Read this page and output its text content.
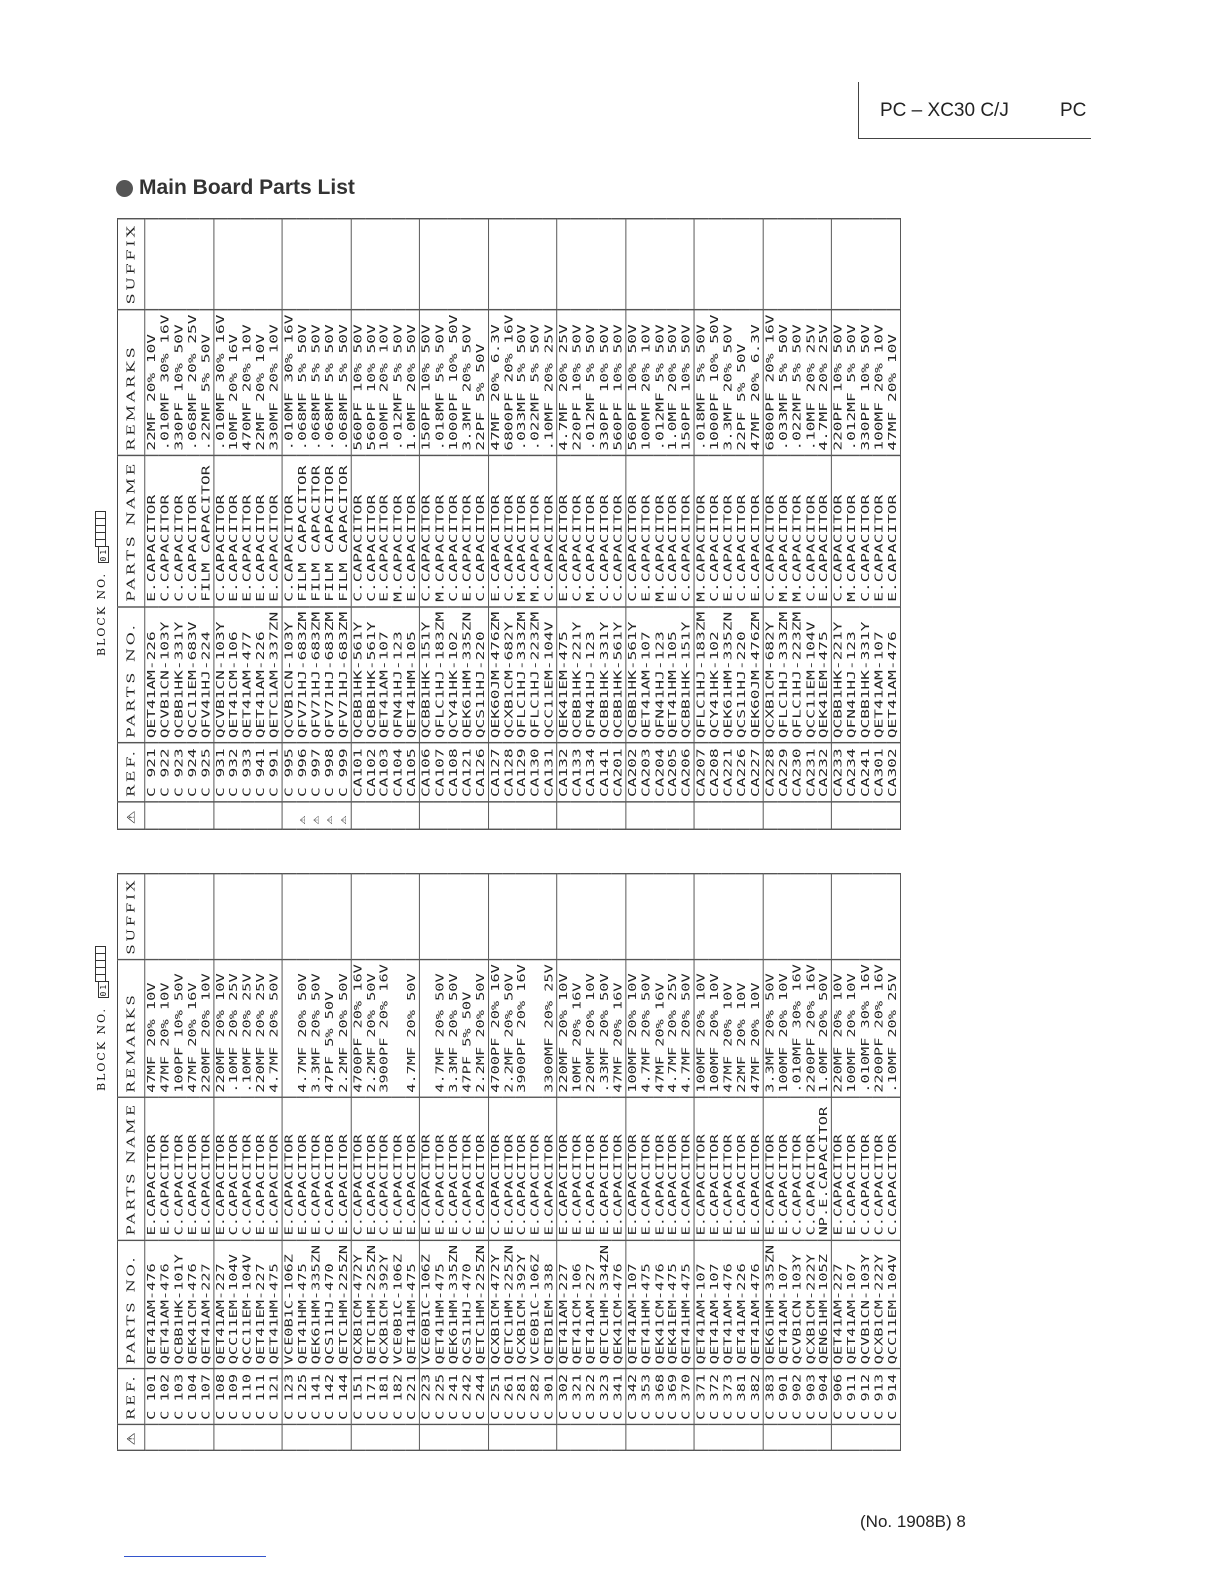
PC – XC30 C/J	PC
Main Board Parts List
BLOCK NO. 01
⚠	REF.	PARTS NO.	PARTS NAME	REMARKS	SUFFIX
	C 921	QET41AM-226	E.CAPACITOR	22MF 20% 10V	
	C 922	QCVB1CN-103Y	C.CAPACITOR	.010MF 30% 16V	
	C 923	QCBB1HK-331Y	C.CAPACITOR	330PF 10% 50V	
	C 924	QCC11EM-683V	C.CAPACITOR	.068MF 20% 25V	
	C 925	QFV41HJ-224	FILM CAPACITOR	.22MF 5% 50V	
	C 931	QCVB1CN-103Y	C.CAPACITOR	.010MF 30% 16V	
	C 932	QET41CM-106	E.CAPACITOR	10MF 20% 16V	
	C 933	QET41AM-477	E.CAPACITOR	470MF 20% 10V	
	C 941	QET41AM-226	E.CAPACITOR	22MF 20% 10V	
	C 991	QETC1AM-337ZN	E.CAPACITOR	330MF 20% 10V	
	C 995	QCVB1CN-103Y	C.CAPACITOR	.010MF 30% 16V	
⚠	C 996	QFV71HJ-683ZM	FILM CAPACITOR	.068MF 5% 50V	
⚠	C 997	QFV71HJ-683ZM	FILM CAPACITOR	.068MF 5% 50V	
⚠	C 998	QFV71HJ-683ZM	FILM CAPACITOR	.068MF 5% 50V	
⚠	C 999	QFV71HJ-683ZM	FILM CAPACITOR	.068MF 5% 50V	
	CA101	QCBB1HK-561Y	C.CAPACITOR	560PF 10% 50V	
	CA102	QCBB1HK-561Y	C.CAPACITOR	560PF 10% 50V	
	CA103	QET41AM-107	E.CAPACITOR	100MF 20% 10V	
	CA104	QFN41HJ-123	M.CAPACITOR	.012MF 5% 50V	
	CA105	QET41HM-105	E.CAPACITOR	1.0MF 20% 50V	
	CA106	QCBB1HK-151Y	C.CAPACITOR	150PF 10% 50V	
	CA107	QFLC1HJ-183ZM	M.CAPACITOR	.018MF 5% 50V	
	CA108	QCY41HK-102	C.CAPACITOR	1000PF 10% 50V	
	CA121	QEK61HM-335ZN	E.CAPACITOR	3.3MF 20% 50V	
	CA126	QCS11HJ-220	C.CAPACITOR	22PF 5% 50V	
	CA127	QEK60JM-476ZM	E.CAPACITOR	47MF 20% 6.3V	
	CA128	QCXB1CM-682Y	C.CAPACITOR	6800PF 20% 16V	
	CA129	QFLC1HJ-333ZM	M.CAPACITOR	.033MF 5% 50V	
	CA130	QFLC1HJ-223ZM	M.CAPACITOR	.022MF 5% 50V	
	CA131	QCC11EM-104V	C.CAPACITOR	.10MF 20% 25V	
	CA132	QEK41EM-475	E.CAPACITOR	4.7MF 20% 25V	
	CA133	QCBB1HK-221Y	C.CAPACITOR	220PF 10% 50V	
	CA134	QFN41HJ-123	M.CAPACITOR	.012MF 5% 50V	
	CA141	QCBB1HK-331Y	C.CAPACITOR	330PF 10% 50V	
	CA201	QCBB1HK-561Y	C.CAPACITOR	560PF 10% 50V	
	CA202	QCBB1HK-561Y	C.CAPACITOR	560PF 10% 50V	
	CA203	QET41AM-107	E.CAPACITOR	100MF 20% 10V	
	CA204	QFN41HJ-123	M.CAPACITOR	.012MF 5% 50V	
	CA205	QET41HM-105	E.CAPACITOR	1.0MF 20% 50V	
	CA206	QCBB1HK-151Y	C.CAPACITOR	150PF 10% 50V	
	CA207	QFLC1HJ-183ZM	M.CAPACITOR	.018MF 5% 50V	
	CA208	QCY41HK-102	C.CAPACITOR	1000PF 10% 50V	
	CA221	QEK61HM-335ZN	E.CAPACITOR	3.3MF 20% 50V	
	CA226	QCS11HJ-220	C.CAPACITOR	22PF 5% 50V	
	CA227	QEK60JM-476ZM	E.CAPACITOR	47MF 20% 6.3V	
	CA228	QCXB1CM-682Y	C.CAPACITOR	6800PF 20% 16V	
	CA229	QFLC1HJ-333ZM	M.CAPACITOR	.033MF 5% 50V	
	CA230	QFLC1HJ-223ZM	M.CAPACITOR	.022MF 5% 50V	
	CA231	QCC11EM-104V	C.CAPACITOR	.10MF 20% 25V	
	CA232	QEK41EM-475	E.CAPACITOR	4.7MF 20% 25V	
	CA233	QCBB1HK-221Y	C.CAPACITOR	220PF 10% 50V	
	CA234	QFN41HJ-123	M.CAPACITOR	.012MF 5% 50V	
	CA241	QCBB1HK-331Y	C.CAPACITOR	330PF 10% 50V	
	CA301	QET41AM-107	E.CAPACITOR	100MF 20% 10V	
	CA302	QET41AM-476	E.CAPACITOR	47MF 20% 10V	
BLOCK NO. 01
⚠	REF.	PARTS NO.	PARTS NAME	REMARKS	SUFFIX
	C 101	QET41AM-476	E.CAPACITOR	47MF 20% 10V	
	C 102	QET41AM-476	E.CAPACITOR	47MF 20% 10V	
	C 103	QCBB1HK-101Y	C.CAPACITOR	100PF 10% 50V	
	C 104	QEK41CM-476	E.CAPACITOR	47MF 20% 16V	
	C 107	QET41AM-227	E.CAPACITOR	220MF 20% 10V	
	C 108	QET41AM-227	E.CAPACITOR	220MF 20% 10V	
	C 109	QCC11EM-104V	C.CAPACITOR	.10MF 20% 25V	
	C 110	QCC11EM-104V	C.CAPACITOR	.10MF 20% 25V	
	C 111	QET41EM-227	E.CAPACITOR	220MF 20% 25V	
	C 121	QET41HM-475	E.CAPACITOR	4.7MF 20% 50V	
	C 123	VCE0B1C-106Z	E.CAPACITOR		
	C 125	QET41HM-475	E.CAPACITOR	4.7MF 20% 50V	
	C 141	QEK61HM-335ZN	E.CAPACITOR	3.3MF 20% 50V	
	C 142	QCS11HJ-470	C.CAPACITOR	47PF 5% 50V	
	C 144	QETC1HM-225ZN	E.CAPACITOR	2.2MF 20% 50V	
	C 151	QCXB1CM-472Y	C.CAPACITOR	4700PF 20% 16V	
	C 171	QETC1HM-225ZN	E.CAPACITOR	2.2MF 20% 50V	
	C 181	QCXB1CM-392Y	C.CAPACITOR	3900PF 20% 16V	
	C 182	VCE0B1C-106Z	E.CAPACITOR		
	C 221	QET41HM-475	E.CAPACITOR	4.7MF 20% 50V	
	C 223	VCE0B1C-106Z	E.CAPACITOR		
	C 225	QET41HM-475	E.CAPACITOR	4.7MF 20% 50V	
	C 241	QEK61HM-335ZN	E.CAPACITOR	3.3MF 20% 50V	
	C 242	QCS11HJ-470	C.CAPACITOR	47PF 5% 50V	
	C 244	QETC1HM-225ZN	E.CAPACITOR	2.2MF 20% 50V	
	C 251	QCXB1CM-472Y	C.CAPACITOR	4700PF 20% 16V	
	C 261	QETC1HM-225ZN	E.CAPACITOR	2.2MF 20% 50V	
	C 281	QCXB1CM-392Y	C.CAPACITOR	3900PF 20% 16V	
	C 282	VCE0B1C-106Z	E.CAPACITOR		
	C 301	QETB1EM-338	E.CAPACITOR	3300MF 20% 25V	
	C 302	QET41AM-227	E.CAPACITOR	220MF 20% 10V	
	C 321	QET41CM-106	E.CAPACITOR	10MF 20% 16V	
	C 322	QET41AM-227	E.CAPACITOR	220MF 20% 10V	
	C 323	QETC1HM-334ZN	E.CAPACITOR	.33MF 20% 50V	
	C 341	QEK41CM-476	E.CAPACITOR	47MF 20% 16V	
	C 342	QET41AM-107	E.CAPACITOR	100MF 20% 10V	
	C 353	QET41HM-475	E.CAPACITOR	4.7MF 20% 50V	
	C 368	QEK41CM-476	E.CAPACITOR	47MF 20% 16V	
	C 369	QEK41EM-475	E.CAPACITOR	4.7MF 20% 25V	
	C 370	QET41HM-475	E.CAPACITOR	4.7MF 20% 50V	
	C 371	QET41AM-107	E.CAPACITOR	100MF 20% 10V	
	C 372	QET41AM-107	E.CAPACITOR	100MF 20% 10V	
	C 373	QET41AM-476	E.CAPACITOR	47MF 20% 10V	
	C 381	QET41AM-226	E.CAPACITOR	22MF 20% 10V	
	C 382	QET41AM-476	E.CAPACITOR	47MF 20% 10V	
	C 383	QEK61HM-335ZN	E.CAPACITOR	3.3MF 20% 50V	
	C 901	QET41AM-107	E.CAPACITOR	100MF 20% 10V	
	C 902	QCVB1CN-103Y	C.CAPACITOR	.010MF 30% 16V	
	C 903	QCXB1CM-222Y	C.CAPACITOR	2200PF 20% 16V	
	C 904	QEN61HM-105Z	NP.E.CAPACITOR	1.0MF 20% 50V	
	C 906	QET41AM-227	E.CAPACITOR	220MF 20% 10V	
	C 911	QET41AM-107	E.CAPACITOR	100MF 20% 10V	
	C 912	QCVB1CN-103Y	C.CAPACITOR	.010MF 30% 16V	
	C 913	QCXB1CM-222Y	C.CAPACITOR	2200PF 20% 16V	
	C 914	QCC11EM-104V	C.CAPACITOR	.10MF 20% 25V	
(No. 1908B) 8
